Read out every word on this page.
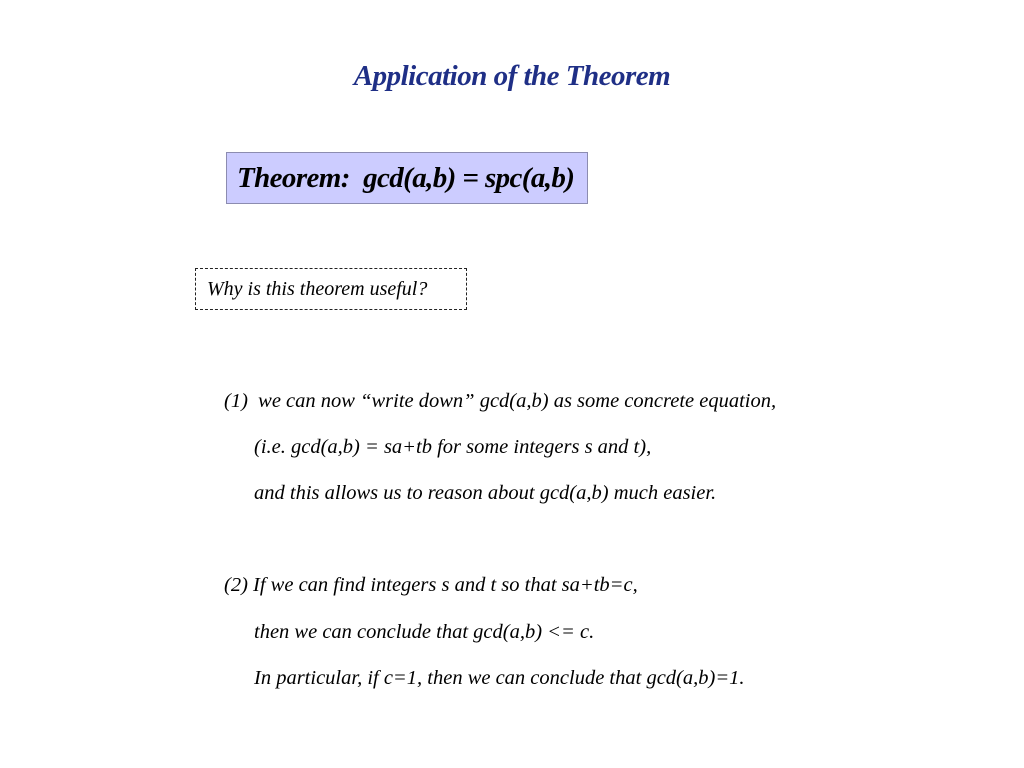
Application of the Theorem
Theorem:  gcd(a,b) = spc(a,b)
Why is this theorem useful?
(1)  we can now “write down” gcd(a,b) as some concrete equation,
(i.e. gcd(a,b) = sa+tb for some integers s and t),
and this allows us to reason about gcd(a,b) much easier.
(2) If we can find integers s and t so that sa+tb=c,
then we can conclude that gcd(a,b) <= c.
In particular, if c=1, then we can conclude that gcd(a,b)=1.
